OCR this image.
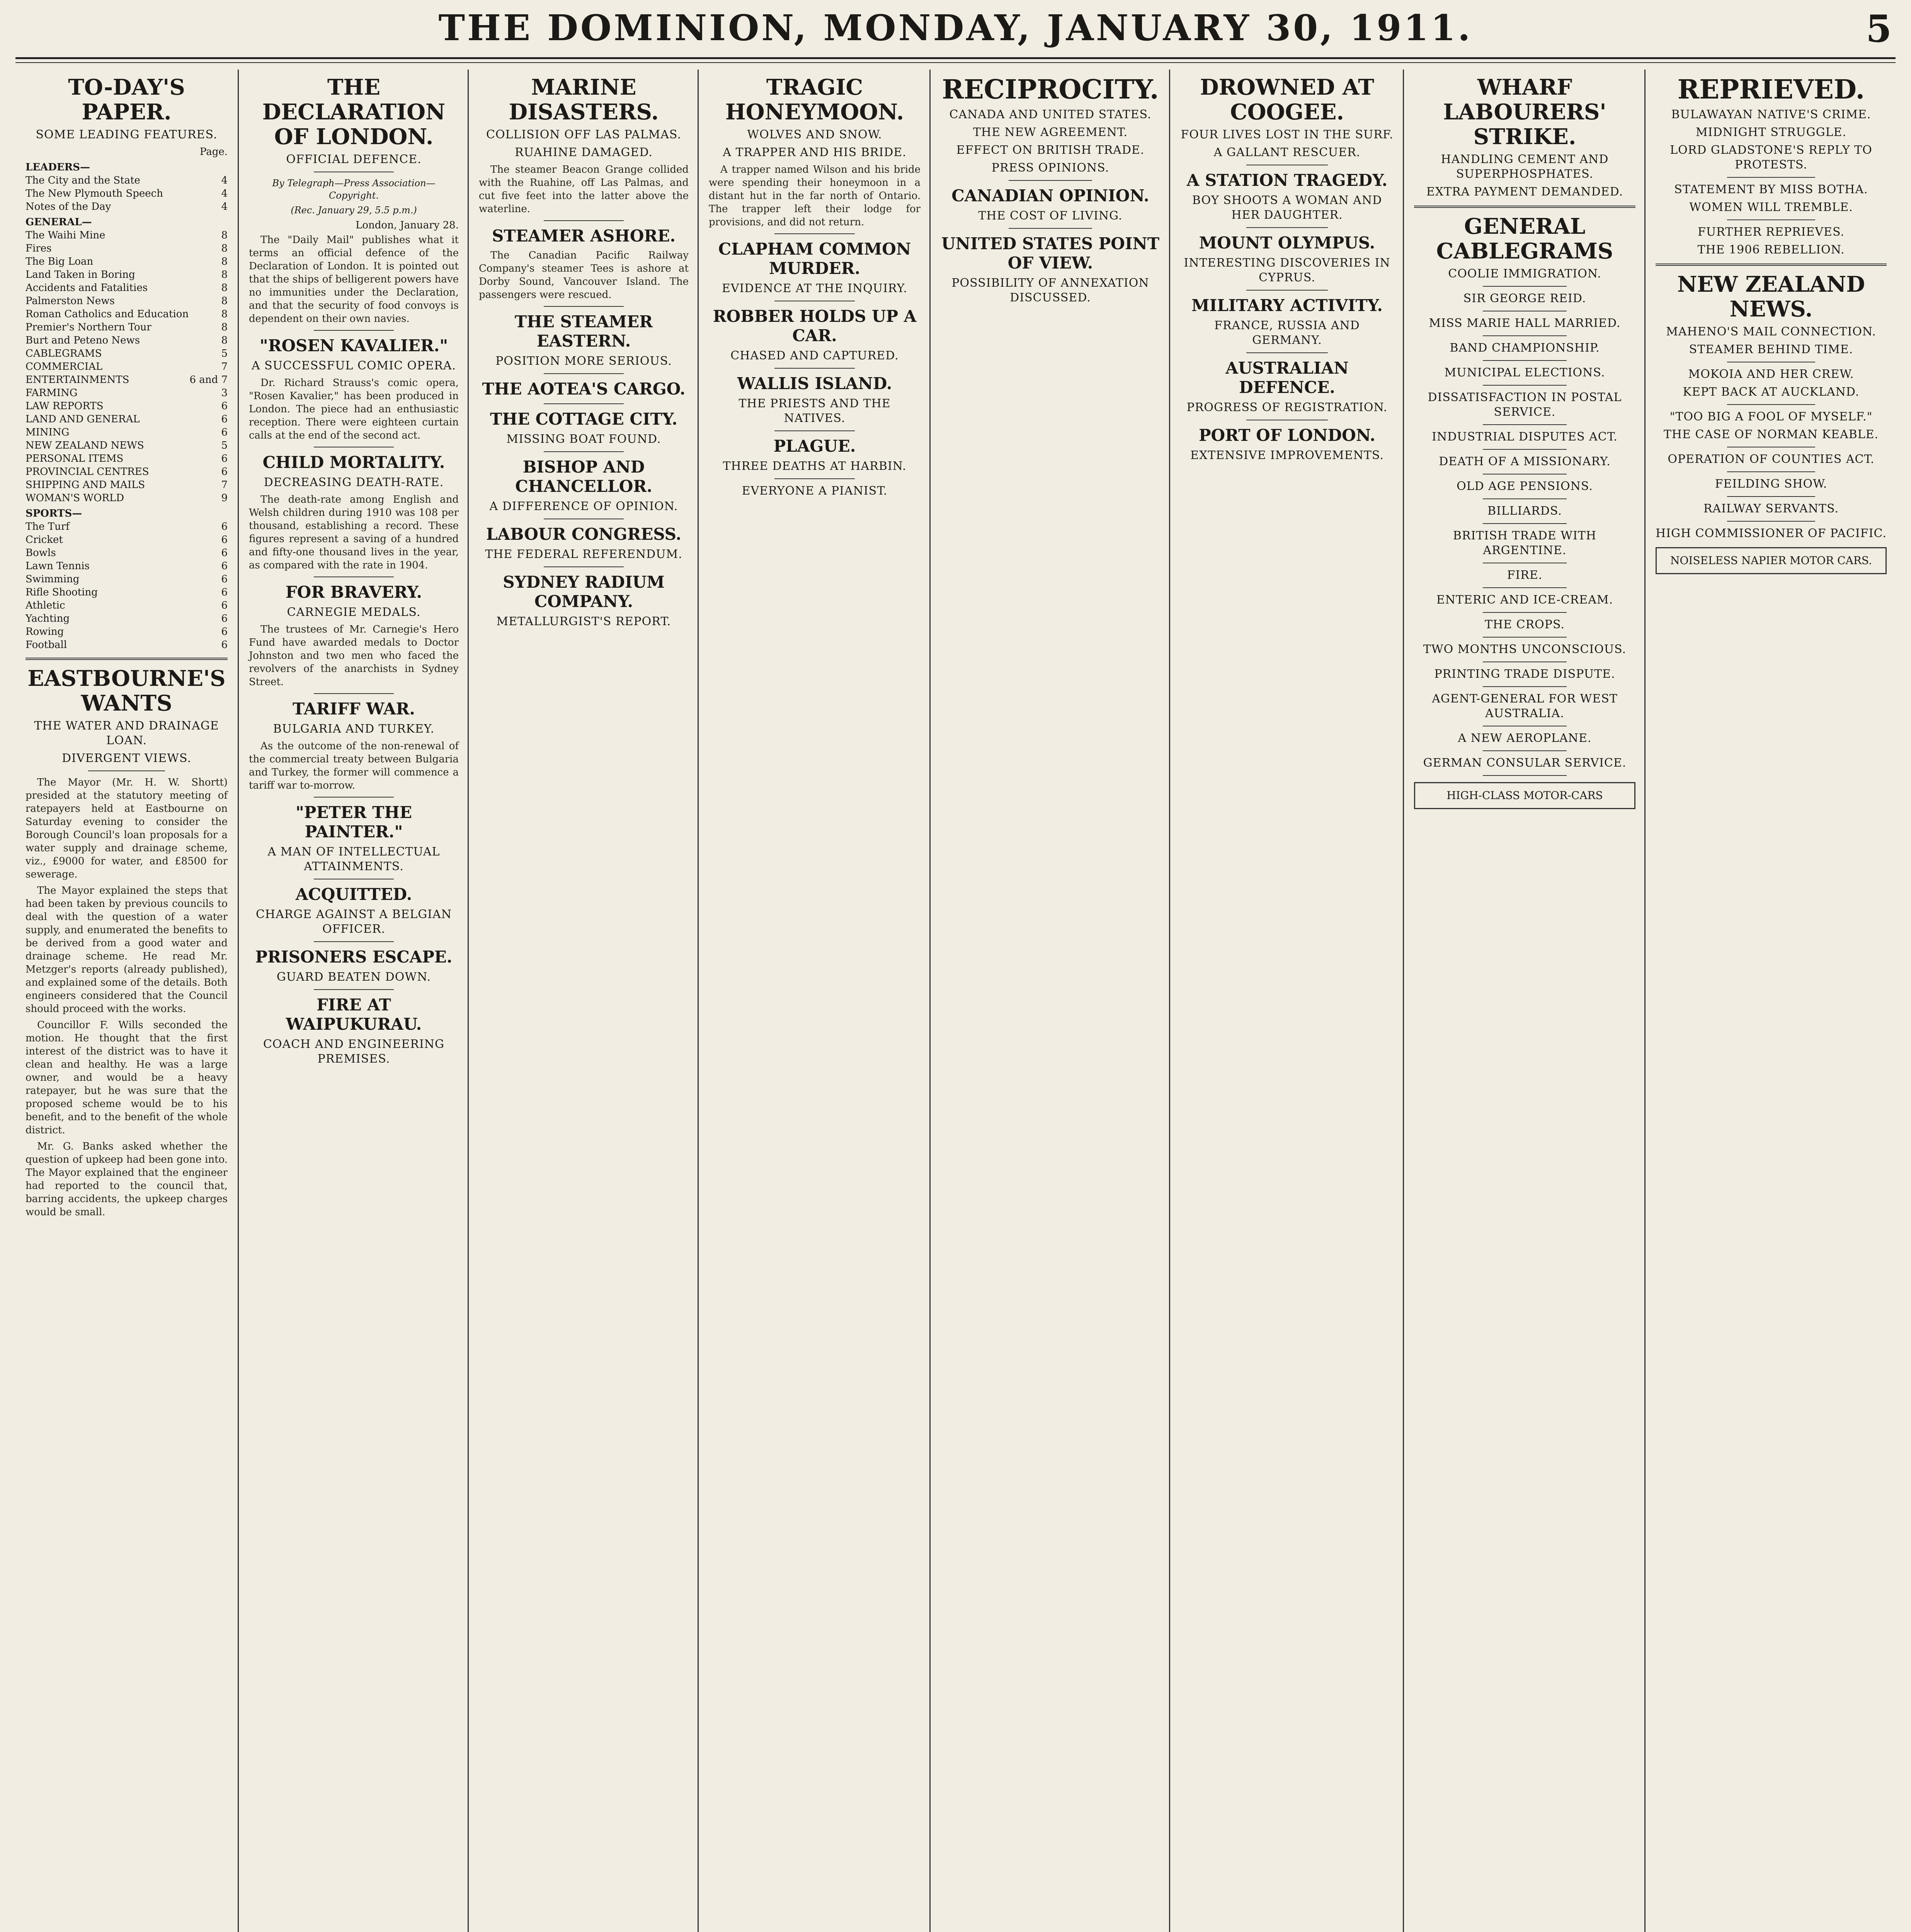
THE DOMINION, MONDAY, JANUARY 30, 1911.	5
TO-DAY'S PAPER.
SOME LEADING FEATURES.
Page.
LEADERS—
The City and the State	4
The New Plymouth Speech	4
Notes of the Day	4
GENERAL—
The Waihi Mine	8
Fires	8
The Big Loan	8
Land Taken in Boring	8
Accidents and Fatalities	8
Palmerston News	8
Roman Catholics and Education	8
Premier's Northern Tour	8
Burt and Peteno News	8
CABLEGRAMS	5
COMMERCIAL	7
ENTERTAINMENTS	6 and 7
FARMING	3
LAW REPORTS	6
LAND AND GENERAL	6
MINING	6
NEW ZEALAND NEWS	5
PERSONAL ITEMS	6
PROVINCIAL CENTRES	6
SHIPPING AND MAILS	7
WOMAN'S WORLD	9
SPORTS—
The Turf	6
Cricket	6
Bowls	6
Lawn Tennis	6
Swimming	6
Rifle Shooting	6
Athletic	6
Yachting	6
Rowing	6
Football	6
EASTBOURNE'S WANTS
THE WATER AND DRAINAGE LOAN.
DIVERGENT VIEWS.

The Mayor (Mr. H. W. Shortt) presided at the statutory meeting of ratepayers held at Eastbourne on Saturday evening to consider the Borough Council's loan proposals for a water supply and drainage scheme, viz., £9000 for water, and £8500 for sewerage.

The Mayor explained the steps that had been taken by previous councils to deal with the question of a water supply, and enumerated the benefits to be derived from a good water and drainage scheme. He read Mr. Metzger's reports (already published), and explained some of the details. Both engineers considered that the Council should proceed with the works.

Councillor F. Wills seconded the motion. He thought that the first interest of the district was to have it clean and healthy. He was a large owner, and would be a heavy ratepayer, but he was sure that the proposed scheme would be to his benefit, and to the benefit of the whole district.

Mr. G. Banks asked whether the question of upkeep had been gone into. The Mayor explained that the engineer had reported to the council that, barring accidents, the upkeep charges would be small.

THE DECLARATION OF LONDON.
OFFICIAL DEFENCE.
By Telegraph—Press Association—Copyright.
(Rec. January 29, 5.5 p.m.)
London, January 28.

The "Daily Mail" publishes what it terms an official defence of the Declaration of London. It is pointed out that the ships of belligerent powers have no immunities under the Declaration, and that the security of food convoys is dependent on their own navies.

"ROSEN KAVALIER."
A SUCCESSFUL COMIC OPERA.

Dr. Richard Strauss's comic opera, "Rosen Kavalier," has been produced in London. The piece had an enthusiastic reception. There were eighteen curtain calls at the end of the second act.

CHILD MORTALITY.
DECREASING DEATH-RATE.

The death-rate among English and Welsh children during 1910 was 108 per thousand, establishing a record. These figures represent a saving of a hundred and fifty-one thousand lives in the year, as compared with the rate in 1904.

FOR BRAVERY.
CARNEGIE MEDALS.

The trustees of Mr. Carnegie's Hero Fund have awarded medals to Doctor Johnston and two men who faced the revolvers of the anarchists in Sydney Street.

TARIFF WAR.
BULGARIA AND TURKEY.

As the outcome of the non-renewal of the commercial treaty between Bulgaria and Turkey, the former will commence a tariff war to-morrow.

"PETER THE PAINTER."
A MAN OF INTELLECTUAL ATTAINMENTS.
ACQUITTED.
CHARGE AGAINST A BELGIAN OFFICER.
PRISONERS ESCAPE.
GUARD BEATEN DOWN.
FIRE AT WAIPUKURAU.
COACH AND ENGINEERING PREMISES.
MARINE DISASTERS.
COLLISION OFF LAS PALMAS.
RUAHINE DAMAGED.

The steamer Beacon Grange collided with the Ruahine, off Las Palmas, and cut five feet into the latter above the waterline.

STEAMER ASHORE.

The Canadian Pacific Railway Company's steamer Tees is ashore at Dorby Sound, Vancouver Island. The passengers were rescued.

THE STEAMER EASTERN.
POSITION MORE SERIOUS.
THE AOTEA'S CARGO.
THE COTTAGE CITY.
MISSING BOAT FOUND.
BISHOP AND CHANCELLOR.
A DIFFERENCE OF OPINION.
LABOUR CONGRESS.
THE FEDERAL REFERENDUM.
SYDNEY RADIUM COMPANY.
METALLURGIST'S REPORT.
TRAGIC HONEYMOON.
WOLVES AND SNOW.
A TRAPPER AND HIS BRIDE.

A trapper named Wilson and his bride were spending their honeymoon in a distant hut in the far north of Ontario. The trapper left their lodge for provisions, and did not return.

CLAPHAM COMMON MURDER.
EVIDENCE AT THE INQUIRY.
ROBBER HOLDS UP A CAR.
CHASED AND CAPTURED.
WALLIS ISLAND.
THE PRIESTS AND THE NATIVES.
PLAGUE.
THREE DEATHS AT HARBIN.
EVERYONE A PIANIST.
RECIPROCITY.
CANADA AND UNITED STATES.
THE NEW AGREEMENT.
EFFECT ON BRITISH TRADE.
PRESS OPINIONS.
CANADIAN OPINION.
THE COST OF LIVING.
UNITED STATES POINT OF VIEW.
POSSIBILITY OF ANNEXATION DISCUSSED.
DROWNED AT COOGEE.
FOUR LIVES LOST IN THE SURF.
A GALLANT RESCUER.
A STATION TRAGEDY.
BOY SHOOTS A WOMAN AND HER DAUGHTER.
MOUNT OLYMPUS.
INTERESTING DISCOVERIES IN CYPRUS.
MILITARY ACTIVITY.
FRANCE, RUSSIA AND GERMANY.
AUSTRALIAN DEFENCE.
PROGRESS OF REGISTRATION.
PORT OF LONDON.
EXTENSIVE IMPROVEMENTS.
WHARF LABOURERS' STRIKE.
HANDLING CEMENT AND SUPERPHOSPHATES.
EXTRA PAYMENT DEMANDED.
GENERAL CABLEGRAMS
COOLIE IMMIGRATION.
SIR GEORGE REID.
MISS MARIE HALL MARRIED.
BAND CHAMPIONSHIP.
MUNICIPAL ELECTIONS.
DISSATISFACTION IN POSTAL SERVICE.
INDUSTRIAL DISPUTES ACT.
DEATH OF A MISSIONARY.
OLD AGE PENSIONS.
BILLIARDS.
BRITISH TRADE WITH ARGENTINE.
FIRE.
ENTERIC AND ICE-CREAM.
THE CROPS.
TWO MONTHS UNCONSCIOUS.
PRINTING TRADE DISPUTE.
AGENT-GENERAL FOR WEST AUSTRALIA.
A NEW AEROPLANE.
GERMAN CONSULAR SERVICE.
HIGH-CLASS MOTOR-CARS
REPRIEVED.
BULAWAYAN NATIVE'S CRIME.
MIDNIGHT STRUGGLE.
LORD GLADSTONE'S REPLY TO PROTESTS.
STATEMENT BY MISS BOTHA.
WOMEN WILL TREMBLE.
FURTHER REPRIEVES.
THE 1906 REBELLION.
NEW ZEALAND NEWS.
MAHENO'S MAIL CONNECTION.
STEAMER BEHIND TIME.
MOKOIA AND HER CREW.
KEPT BACK AT AUCKLAND.
"TOO BIG A FOOL OF MYSELF."
THE CASE OF NORMAN KEABLE.
OPERATION OF COUNTIES ACT.
FEILDING SHOW.
RAILWAY SERVANTS.
HIGH COMMISSIONER OF PACIFIC.
NOISELESS NAPIER MOTOR CARS.
